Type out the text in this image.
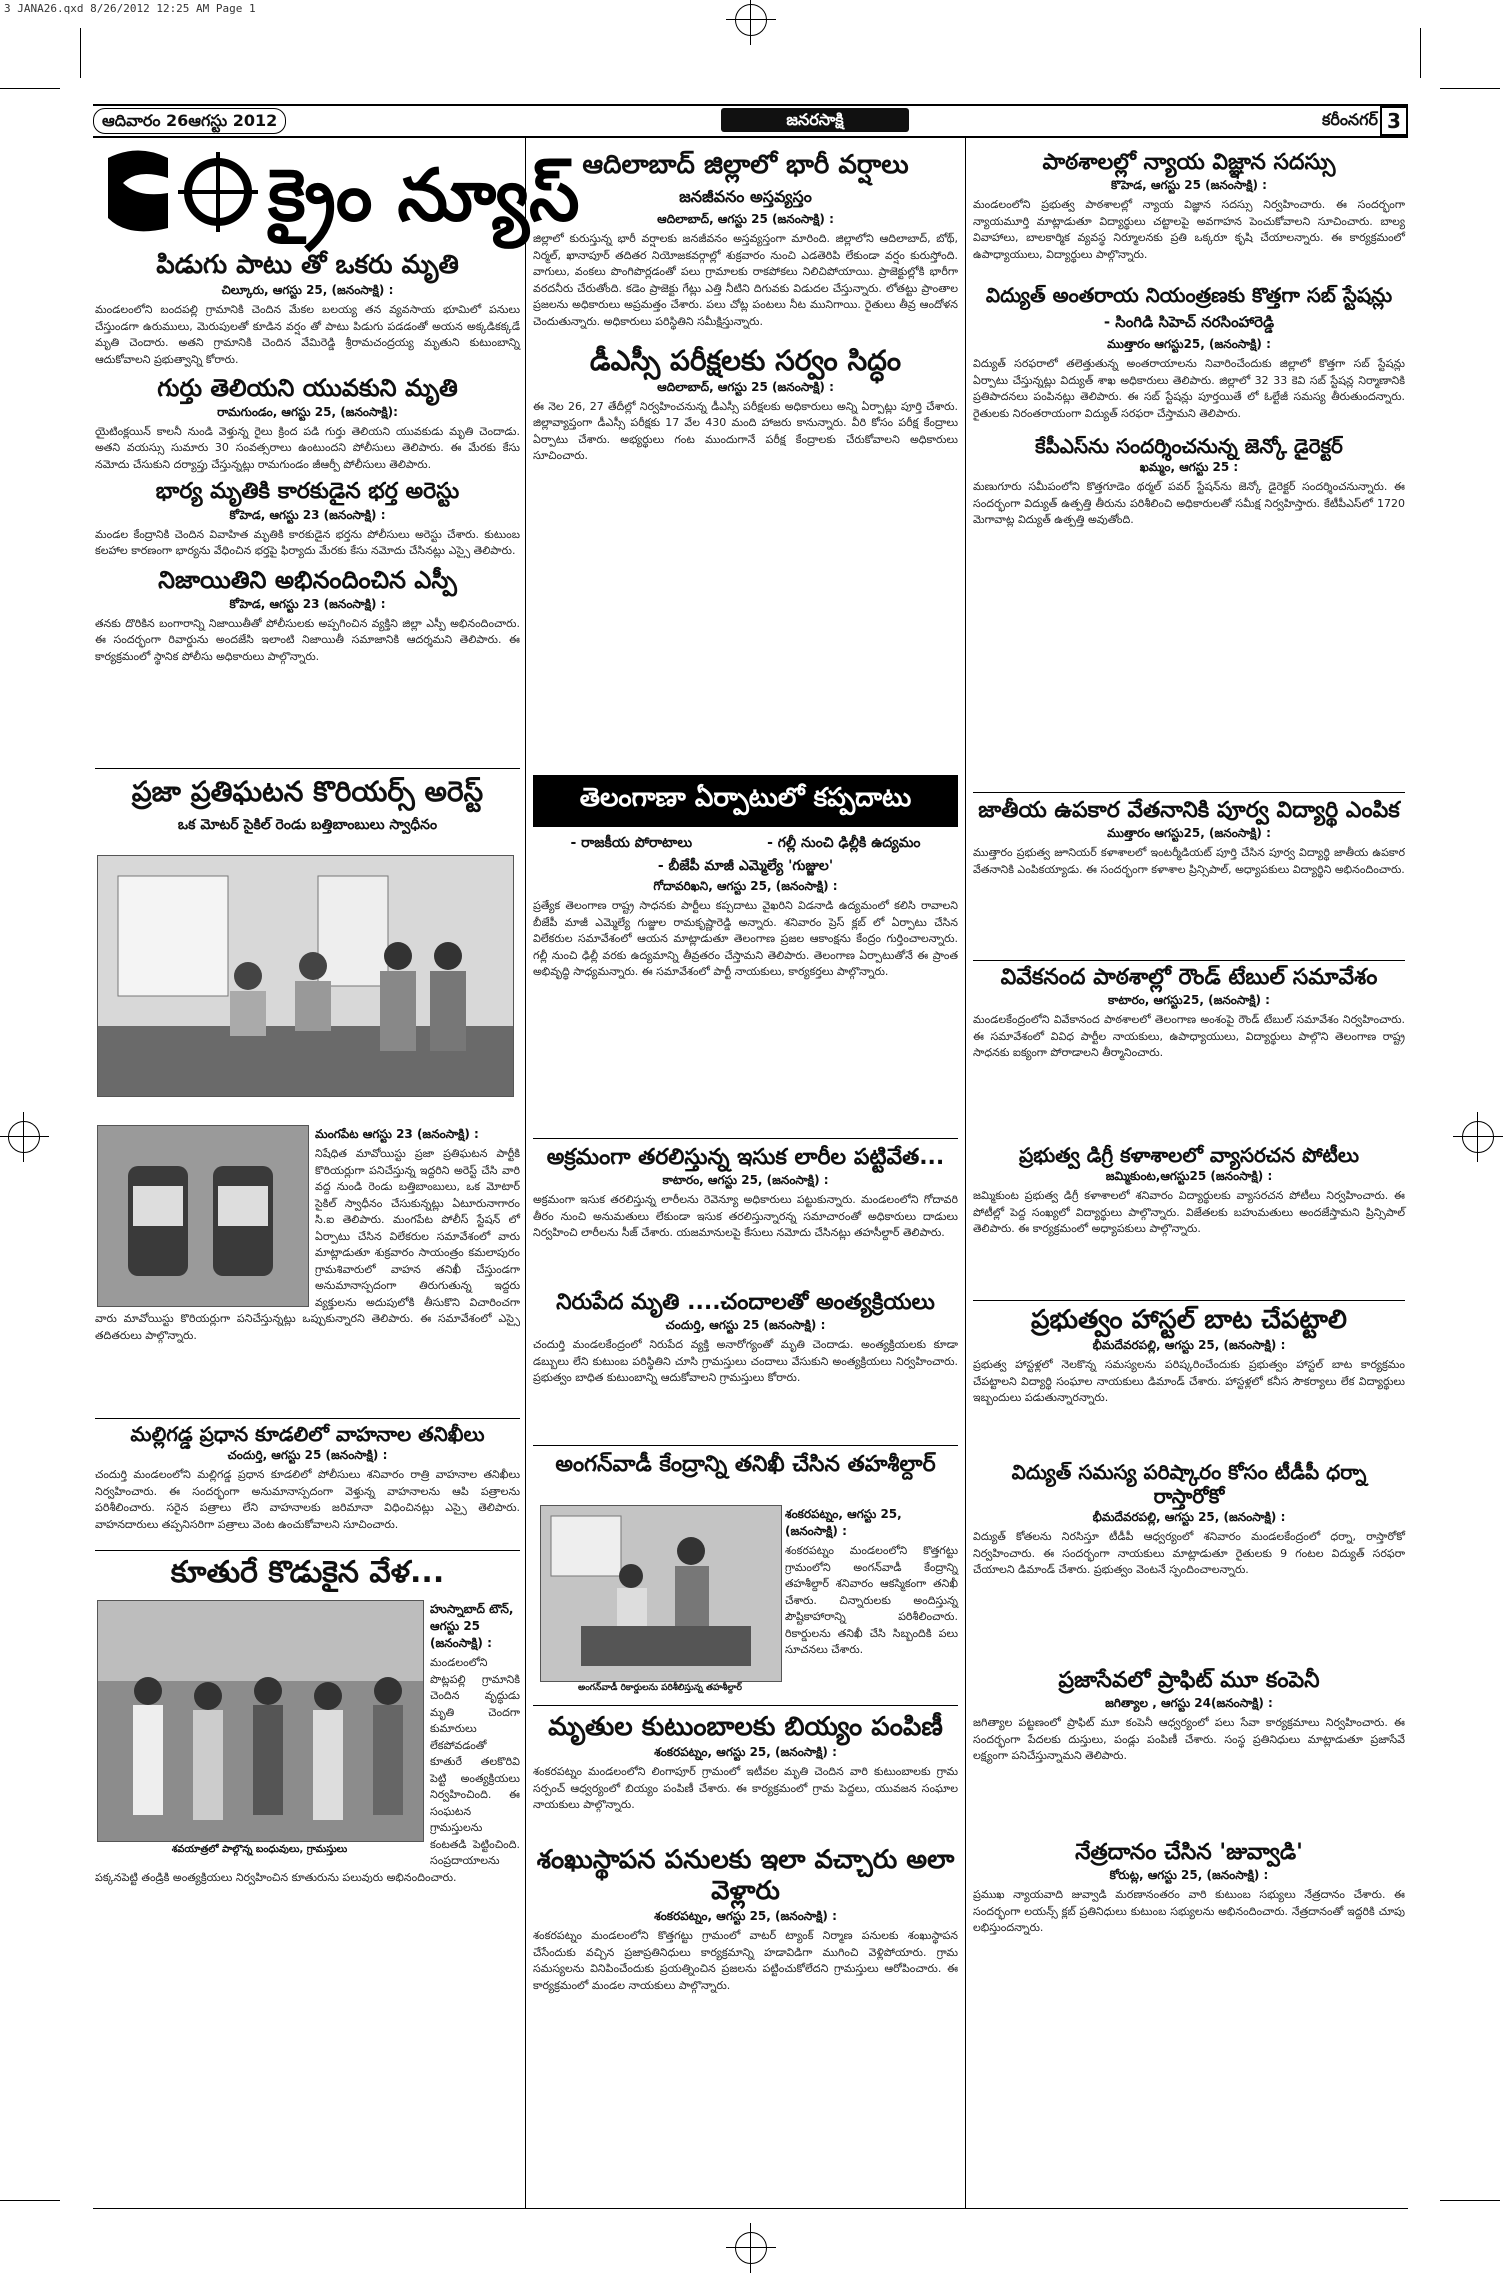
3 JANA26.qxd 8/26/2012 12:25 AM Page 1
ఆదివారం 26ఆగస్టు 2012	జనరసాక్షి	కరీంనగర్ 3
క్రైం న్యూస్
పిడుగు పాటు తో ఒకరు మృతి
చిల్కూరు, ఆగస్టు 25, (జనంసాక్షి) :

మండలంలోని బందపల్లి గ్రామానికి చెందిన మేకల బలయ్య తన వ్యవసాయ భూమిలో పనులు చేస్తుండగా ఉరుములు, మెరుపులతో కూడిన వర్షం తో పాటు పిడుగు పడడంతో అయన అక్కడికక్కడే మృతి చెందారు. అతని గ్రామానికి చెందిన వేమిరెడ్డి శ్రీరామచంద్రయ్య మృతుని కుటుంబాన్ని ఆదుకోవాలని ప్రభుత్వాన్ని కోరారు.

గుర్తు తెలియని యువకుని మృతి
రామగుండం, ఆగస్టు 25, (జనంసాక్షి):

యైటింక్లయిన్ కాలనీ నుండి వెళ్తున్న రైలు క్రింద పడి గుర్తు తెలియని యువకుడు మృతి చెందాడు. అతని వయస్సు సుమారు 30 సంవత్సరాలు ఉంటుందని పోలీసులు తెలిపారు. ఈ మేరకు కేసు నమోదు చేసుకుని దర్యాప్తు చేస్తున్నట్లు రామగుండం జీఆర్పీ పోలీసులు తెలిపారు.

భార్య మృతికి కారకుడైన భర్త అరెస్టు
కోహెడ, ఆగస్టు 23 (జనంసాక్షి) :

మండల కేంద్రానికి చెందిన వివాహిత మృతికి కారకుడైన భర్తను పోలీసులు అరెస్టు చేశారు. కుటుంబ కలహాల కారణంగా భార్యను వేధించిన భర్తపై ఫిర్యాదు మేరకు కేసు నమోదు చేసినట్లు ఎస్సై తెలిపారు.

నిజాయితిని అభినందించిన ఎస్పీ
కోహెడ, ఆగస్టు 23 (జనంసాక్షి) :

తనకు దొరికిన బంగారాన్ని నిజాయితీతో పోలీసులకు అప్పగించిన వ్యక్తిని జిల్లా ఎస్పీ అభినందించారు. ఈ సందర్భంగా రివార్డును అందజేసి ఇలాంటి నిజాయితీ సమాజానికి ఆదర్శమని తెలిపారు. ఈ కార్యక్రమంలో స్థానిక పోలీసు అధికారులు పాల్గొన్నారు.

ప్రజా ప్రతిఘటన కొరియర్స్ అరెస్ట్
ఒక మోటర్ సైకిల్ రెండు బత్తిబాంబులు స్వాధీనం
మంగపేట ఆగస్టు 23 (జనంసాక్షి) :

నిషేధిత మావోయిస్టు ప్రజా ప్రతిఘటన పార్టీకి కొరియర్లుగా పనిచేస్తున్న ఇద్దరిని అరెస్ట్ చేసి వారి వద్ద నుండి రెండు బత్తిబాంబులు, ఒక మోటార్ సైకిల్ స్వాధీనం చేసుకున్నట్లు ఏటూరునాగారం సి.ఐ తెలిపారు. మంగపేట పోలీస్ స్టేషన్ లో ఏర్పాటు చేసిన విలేకరుల సమావేశంలో వారు మాట్లాడుతూ శుక్రవారం సాయంత్రం కమలాపురం గ్రామశివారులో వాహన తనిఖీ చేస్తుండగా అనుమానాస్పదంగా తిరుగుతున్న ఇద్దరు వ్యక్తులను అదుపులోకి తీసుకొని విచారించగా వారు మావోయిస్టు కొరియర్లుగా పనిచేస్తున్నట్లు ఒప్పుకున్నారని తెలిపారు. ఈ సమావేశంలో ఎస్సై తదితరులు పాల్గొన్నారు.

మల్లిగడ్డ ప్రధాన కూడలిలో వాహనాల తనిఖీలు
చందుర్తి, ఆగస్టు 25 (జనంసాక్షి) :

చందుర్తి మండలంలోని మల్లిగడ్డ ప్రధాన కూడలిలో పోలీసులు శనివారం రాత్రి వాహనాల తనిఖీలు నిర్వహించారు. ఈ సందర్భంగా అనుమానాస్పదంగా వెళ్తున్న వాహనాలను ఆపి పత్రాలను పరిశీలించారు. సరైన పత్రాలు లేని వాహనాలకు జరిమానా విధించినట్లు ఎస్సై తెలిపారు. వాహనదారులు తప్పనిసరిగా పత్రాలు వెంట ఉంచుకోవాలని సూచించారు.

కూతురే కొడుకైన వేళ...
శవయాత్రలో పాల్గొన్న బంధువులు, గ్రామస్తులు
హుస్నాబాద్ టౌన్, ఆగస్టు 25 (జనంసాక్షి) :

మండలంలోని పొట్లపల్లి గ్రామానికి చెందిన వృద్ధుడు మృతి చెందగా కుమారులు లేకపోవడంతో కూతురే తలకొరివి పెట్టి అంత్యక్రియలు నిర్వహించింది. ఈ సంఘటన గ్రామస్తులను కంటతడి పెట్టించింది. సంప్రదాయాలను పక్కనపెట్టి తండ్రికి అంత్యక్రియలు నిర్వహించిన కూతురును పలువురు అభినందించారు.

ఆదిలాబాద్ జిల్లాలో భారీ వర్షాలు
జనజీవనం అస్తవ్యస్తం
ఆదిలాబాద్, ఆగస్టు 25 (జనంసాక్షి) :

జిల్లాలో కురుస్తున్న భారీ వర్షాలకు జనజీవనం అస్తవ్యస్తంగా మారింది. జిల్లాలోని ఆదిలాబాద్, బోథ్, నిర్మల్, ఖానాపూర్ తదితర నియోజకవర్గాల్లో శుక్రవారం నుంచి ఎడతెరిపి లేకుండా వర్షం కురుస్తోంది. వాగులు, వంకలు పొంగిపొర్లడంతో పలు గ్రామాలకు రాకపోకలు నిలిచిపోయాయి. ప్రాజెక్టుల్లోకి భారీగా వరదనీరు చేరుతోంది. కడెం ప్రాజెక్టు గేట్లు ఎత్తి నీటిని దిగువకు విడుదల చేస్తున్నారు. లోతట్టు ప్రాంతాల ప్రజలను అధికారులు అప్రమత్తం చేశారు. పలు చోట్ల పంటలు నీట మునిగాయి. రైతులు తీవ్ర ఆందోళన చెందుతున్నారు. అధికారులు పరిస్థితిని సమీక్షిస్తున్నారు.

డీఎస్సీ పరీక్షలకు సర్వం సిద్ధం
ఆదిలాబాద్, ఆగస్టు 25 (జనంసాక్షి) :

ఈ నెల 26, 27 తేదీల్లో నిర్వహించనున్న డీఎస్సీ పరీక్షలకు అధికారులు అన్ని ఏర్పాట్లు పూర్తి చేశారు. జిల్లావ్యాప్తంగా డీఎస్సీ పరీక్షకు 17 వేల 430 మంది హాజరు కానున్నారు. వీరి కోసం పరీక్ష కేంద్రాలు ఏర్పాటు చేశారు. అభ్యర్థులు గంట ముందుగానే పరీక్ష కేంద్రాలకు చేరుకోవాలని అధికారులు సూచించారు.

తెలంగాణా ఏర్పాటులో కప్పదాటు
- రాజకీయ పోరాటాలు	- గల్లీ నుంచి ఢిల్లీకి ఉద్యమం
- బీజేపీ మాజీ ఎమ్మెల్యే 'గుజ్జుల'
గోదావరిఖని, ఆగస్టు 25, (జనంసాక్షి) :

ప్రత్యేక తెలంగాణ రాష్ట్ర సాధనకు పార్టీలు కప్పదాటు వైఖరిని విడనాడి ఉద్యమంలో కలిసి రావాలని బీజేపీ మాజీ ఎమ్మెల్యే గుజ్జుల రామకృష్ణారెడ్డి అన్నారు. శనివారం ప్రెస్ క్లబ్ లో ఏర్పాటు చేసిన విలేకరుల సమావేశంలో ఆయన మాట్లాడుతూ తెలంగాణ ప్రజల ఆకాంక్షను కేంద్రం గుర్తించాలన్నారు. గల్లీ నుంచి ఢిల్లీ వరకు ఉద్యమాన్ని తీవ్రతరం చేస్తామని తెలిపారు. తెలంగాణ ఏర్పాటుతోనే ఈ ప్రాంత అభివృద్ధి సాధ్యమన్నారు. ఈ సమావేశంలో పార్టీ నాయకులు, కార్యకర్తలు పాల్గొన్నారు.

అక్రమంగా తరలిస్తున్న ఇసుక లారీల పట్టివేత...
కాటారం, ఆగస్టు 25, (జనంసాక్షి) :

అక్రమంగా ఇసుక తరలిస్తున్న లారీలను రెవెన్యూ అధికారులు పట్టుకున్నారు. మండలంలోని గోదావరి తీరం నుంచి అనుమతులు లేకుండా ఇసుక తరలిస్తున్నారన్న సమాచారంతో అధికారులు దాడులు నిర్వహించి లారీలను సీజ్ చేశారు. యజమానులపై కేసులు నమోదు చేసినట్లు తహసీల్దార్ తెలిపారు.

నిరుపేద మృతి ....చందాలతో అంత్యక్రియలు
చందుర్తి, ఆగస్టు 25 (జనంసాక్షి) :

చందుర్తి మండలకేంద్రంలో నిరుపేద వ్యక్తి అనారోగ్యంతో మృతి చెందాడు. అంత్యక్రియలకు కూడా డబ్బులు లేని కుటుంబ పరిస్థితిని చూసి గ్రామస్తులు చందాలు వేసుకుని అంత్యక్రియలు నిర్వహించారు. ప్రభుత్వం బాధిత కుటుంబాన్ని ఆదుకోవాలని గ్రామస్తులు కోరారు.

అంగన్‌వాడీ కేంద్రాన్ని తనిఖీ చేసిన తహశీల్దార్
అంగన్‌వాడీ రికార్డులను పరిశీలిస్తున్న తహశీల్దార్
శంకరపట్నం, ఆగస్టు 25, (జనంసాక్షి) :

శంకరపట్నం మండలంలోని కొత్తగట్టు గ్రామంలోని అంగన్‌వాడీ కేంద్రాన్ని తహశీల్దార్ శనివారం ఆకస్మికంగా తనిఖీ చేశారు. చిన్నారులకు అందిస్తున్న పౌష్టికాహారాన్ని పరిశీలించారు. రికార్డులను తనిఖీ చేసి సిబ్బందికి పలు సూచనలు చేశారు.

మృతుల కుటుంబాలకు బియ్యం పంపిణీ
శంకరపట్నం, ఆగస్టు 25, (జనంసాక్షి) :

శంకరపట్నం మండలంలోని లింగాపూర్ గ్రామంలో ఇటీవల మృతి చెందిన వారి కుటుంబాలకు గ్రామ సర్పంచ్ ఆధ్వర్యంలో బియ్యం పంపిణీ చేశారు. ఈ కార్యక్రమంలో గ్రామ పెద్దలు, యువజన సంఘాల నాయకులు పాల్గొన్నారు.

శంఖుస్థాపన పనులకు ఇలా వచ్చారు అలా వెళ్లారు
శంకరపట్నం, ఆగస్టు 25, (జనంసాక్షి) :

శంకరపట్నం మండలంలోని కొత్తగట్టు గ్రామంలో వాటర్ ట్యాంక్ నిర్మాణ పనులకు శంఖుస్థాపన చేసేందుకు వచ్చిన ప్రజాప్రతినిధులు కార్యక్రమాన్ని హడావిడిగా ముగించి వెళ్లిపోయారు. గ్రామ సమస్యలను వినిపించేందుకు ప్రయత్నించిన ప్రజలను పట్టించుకోలేదని గ్రామస్తులు ఆరోపించారు. ఈ కార్యక్రమంలో మండల నాయకులు పాల్గొన్నారు.

పాఠశాలల్లో న్యాయ విజ్ఞాన సదస్సు
కొహెడ, ఆగస్టు 25 (జనంసాక్షి) :

మండలంలోని ప్రభుత్వ పాఠశాలల్లో న్యాయ విజ్ఞాన సదస్సు నిర్వహించారు. ఈ సందర్భంగా న్యాయమూర్తి మాట్లాడుతూ విద్యార్థులు చట్టాలపై అవగాహన పెంచుకోవాలని సూచించారు. బాల్య వివాహాలు, బాలకార్మిక వ్యవస్థ నిర్మూలనకు ప్రతి ఒక్కరూ కృషి చేయాలన్నారు. ఈ కార్యక్రమంలో ఉపాధ్యాయులు, విద్యార్థులు పాల్గొన్నారు.

విద్యుత్ అంతరాయ నియంత్రణకు కొత్తగా సబ్ స్టేషన్లు
- సింగిడి సిహెచ్ నరసింహారెడ్డి
ముత్తారం ఆగస్టు25, (జనంసాక్షి) :

విద్యుత్ సరఫరాలో తలెత్తుతున్న అంతరాయాలను నివారించేందుకు జిల్లాలో కొత్తగా సబ్ స్టేషన్లు ఏర్పాటు చేస్తున్నట్లు విద్యుత్ శాఖ అధికారులు తెలిపారు. జిల్లాలో 32 33 కెవి సబ్ స్టేషన్ల నిర్మాణానికి ప్రతిపాదనలు పంపినట్లు తెలిపారు. ఈ సబ్ స్టేషన్లు పూర్తయితే లో ఓల్టేజీ సమస్య తీరుతుందన్నారు. రైతులకు నిరంతరాయంగా విద్యుత్ సరఫరా చేస్తామని తెలిపారు.

కేపీఎస్‌ను సందర్శించనున్న జెన్కో డైరెక్టర్
ఖమ్మం, ఆగస్టు 25 :

మణుగూరు సమీపంలోని కొత్తగూడెం థర్మల్ పవర్ స్టేషన్‌ను జెన్కో డైరెక్టర్ సందర్శించనున్నారు. ఈ సందర్భంగా విద్యుత్ ఉత్పత్తి తీరును పరిశీలించి అధికారులతో సమీక్ష నిర్వహిస్తారు. కేటీపీఎస్‌లో 1720 మెగావాట్ల విద్యుత్ ఉత్పత్తి అవుతోంది.

జాతీయ ఉపకార వేతనానికి పూర్వ విద్యార్థి ఎంపిక
ముత్తారం ఆగస్టు25, (జనంసాక్షి) :

ముత్తారం ప్రభుత్వ జూనియర్ కళాశాలలో ఇంటర్మీడియట్ పూర్తి చేసిన పూర్వ విద్యార్థి జాతీయ ఉపకార వేతనానికి ఎంపికయ్యాడు. ఈ సందర్భంగా కళాశాల ప్రిన్సిపాల్, అధ్యాపకులు విద్యార్థిని అభినందించారు.

వివేకనంద పాఠశాల్లో రౌండ్ టేబుల్ సమావేశం
కాటారం, ఆగస్టు25, (జనంసాక్షి) :

మండలకేంద్రంలోని వివేకానంద పాఠశాలలో తెలంగాణ అంశంపై రౌండ్ టేబుల్ సమావేశం నిర్వహించారు. ఈ సమావేశంలో వివిధ పార్టీల నాయకులు, ఉపాధ్యాయులు, విద్యార్థులు పాల్గొని తెలంగాణ రాష్ట్ర సాధనకు ఐక్యంగా పోరాడాలని తీర్మానించారు.

ప్రభుత్వ డిగ్రీ కళాశాలలో వ్యాసరచన పోటీలు
జమ్మికుంట,ఆగస్టు25 (జనంసాక్షి) :

జమ్మికుంట ప్రభుత్వ డిగ్రీ కళాశాలలో శనివారం విద్యార్థులకు వ్యాసరచన పోటీలు నిర్వహించారు. ఈ పోటీల్లో పెద్ద సంఖ్యలో విద్యార్థులు పాల్గొన్నారు. విజేతలకు బహుమతులు అందజేస్తామని ప్రిన్సిపాల్ తెలిపారు. ఈ కార్యక్రమంలో అధ్యాపకులు పాల్గొన్నారు.

ప్రభుత్వం హాస్టల్ బాట చేపట్టాలి
భీమదేవరపల్లి, ఆగస్టు 25, (జనంసాక్షి) :

ప్రభుత్వ హాస్టళ్లలో నెలకొన్న సమస్యలను పరిష్కరించేందుకు ప్రభుత్వం హాస్టల్ బాట కార్యక్రమం చేపట్టాలని విద్యార్థి సంఘాల నాయకులు డిమాండ్ చేశారు. హాస్టళ్లలో కనీస సౌకర్యాలు లేక విద్యార్థులు ఇబ్బందులు పడుతున్నారన్నారు.

విద్యుత్ సమస్య పరిష్కారం కోసం టీడీపీ ధర్నా రాస్తారోకో
భీమదేవరపల్లి, ఆగస్టు 25, (జనంసాక్షి) :

విద్యుత్ కోతలను నిరసిస్తూ టీడీపీ ఆధ్వర్యంలో శనివారం మండలకేంద్రంలో ధర్నా, రాస్తారోకో నిర్వహించారు. ఈ సందర్భంగా నాయకులు మాట్లాడుతూ రైతులకు 9 గంటల విద్యుత్ సరఫరా చేయాలని డిమాండ్ చేశారు. ప్రభుత్వం వెంటనే స్పందించాలన్నారు.

ప్రజాసేవలో ప్రాఫిట్ మూ కంపెనీ
జగిత్యాల , ఆగస్టు 24(జనంసాక్షి) :

జగిత్యాల పట్టణంలో ప్రాఫిట్ మూ కంపెనీ ఆధ్వర్యంలో పలు సేవా కార్యక్రమాలు నిర్వహించారు. ఈ సందర్భంగా పేదలకు దుస్తులు, పండ్లు పంపిణీ చేశారు. సంస్థ ప్రతినిధులు మాట్లాడుతూ ప్రజాసేవే లక్ష్యంగా పనిచేస్తున్నామని తెలిపారు.

నేత్రదానం చేసిన 'జువ్వాడి'
కోరుట్ల, ఆగస్టు 25, (జనంసాక్షి) :

ప్రముఖ న్యాయవాది జువ్వాడి మరణానంతరం వారి కుటుంబ సభ్యులు నేత్రదానం చేశారు. ఈ సందర్భంగా లయన్స్ క్లబ్ ప్రతినిధులు కుటుంబ సభ్యులను అభినందించారు. నేత్రదానంతో ఇద్దరికి చూపు లభిస్తుందన్నారు.
